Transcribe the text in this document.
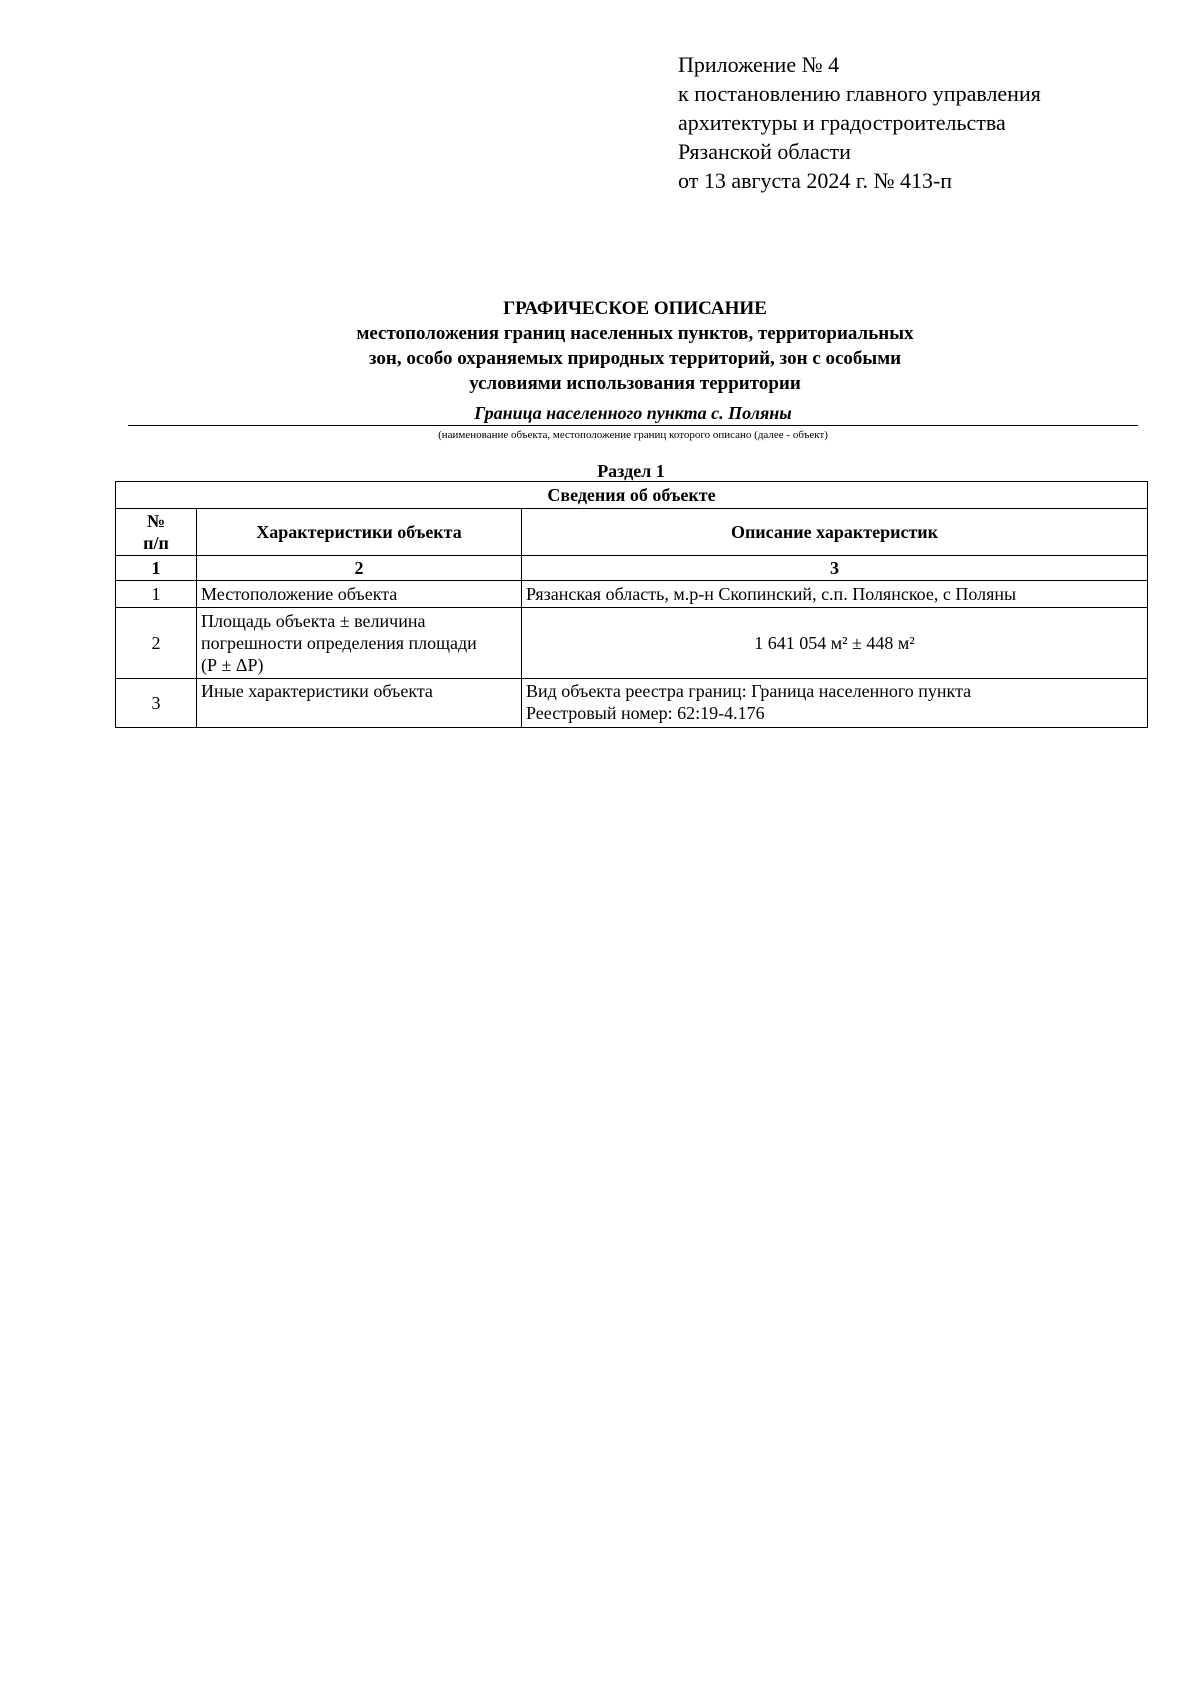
Приложение № 4
к постановлению главного управления
архитектуры и градостроительства
Рязанской области
от 13 августа 2024 г. № 413-п
ГРАФИЧЕСКОЕ ОПИСАНИЕ
местоположения границ населенных пунктов, территориальных
зон, особо охраняемых природных территорий, зон с особыми
условиями использования территории
Граница населенного пункта с. Поляны
(наименование объекта, местоположение границ которого описано (далее - объект)
Раздел 1
Сведения об объекте		

№
п/п	Характеристики объекта	Описание характеристик
1	2	3
1	Местоположение объекта	Рязанская область, м.р-н Скопинский, с.п. Полянское, с Поляны
2	Площадь объекта ± величина
погрешности определения площади
(Р ± ΔР)	1 641 054 м² ± 448 м²
3	Иные характеристики объекта	Вид объекта реестра границ: Граница населенного пункта
Реестровый номер: 62:19-4.176
